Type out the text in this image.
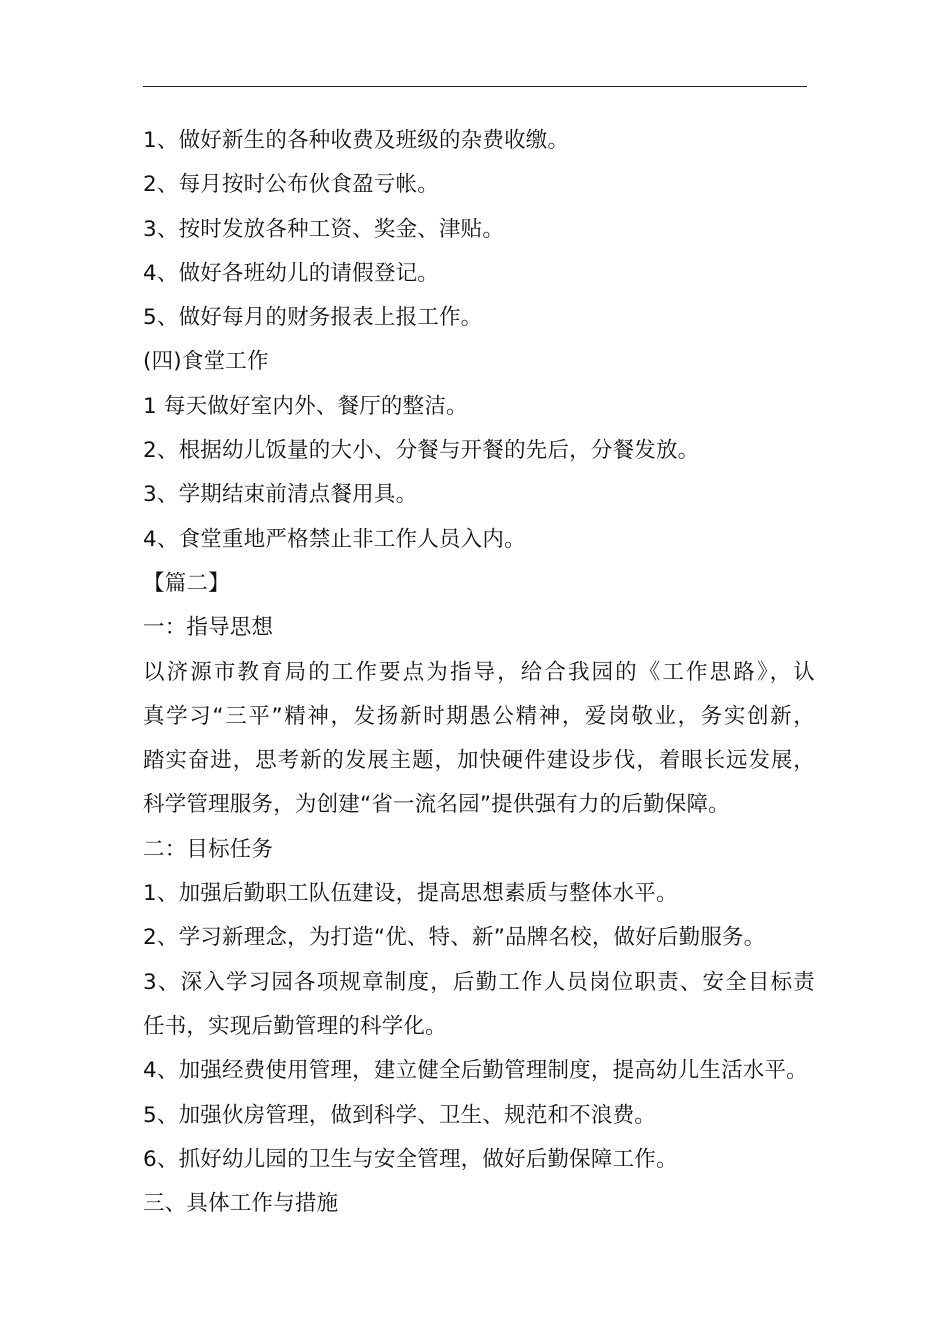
1、做好新生的各种收费及班级的杂费收缴。
2、每月按时公布伙食盈亏帐。
3、按时发放各种工资、奖金、津贴。
4、做好各班幼儿的请假登记。
5、做好每月的财务报表上报工作。
(四)食堂工作
1 每天做好室内外、餐厅的整洁。
2、根据幼儿饭量的大小、分餐与开餐的先后，分餐发放。
3、学期结束前清点餐用具。
4、食堂重地严格禁止非工作人员入内。
【篇二】
一：指导思想
以济源市教育局的工作要点为指导，给合我园的《工作思路》，认
真学习“三平”精神，发扬新时期愚公精神，爱岗敬业，务实创新，
踏实奋进，思考新的发展主题，加快硬件建设步伐，着眼长远发展，
科学管理服务，为创建“省一流名园”提供强有力的后勤保障。
二：目标任务
1、加强后勤职工队伍建设，提高思想素质与整体水平。
2、学习新理念，为打造“优、特、新”品牌名校，做好后勤服务。
3、深入学习园各项规章制度，后勤工作人员岗位职责、安全目标责
任书，实现后勤管理的科学化。
4、加强经费使用管理，建立健全后勤管理制度，提高幼儿生活水平。
5、加强伙房管理，做到科学、卫生、规范和不浪费。
6、抓好幼儿园的卫生与安全管理，做好后勤保障工作。
三、具体工作与措施
